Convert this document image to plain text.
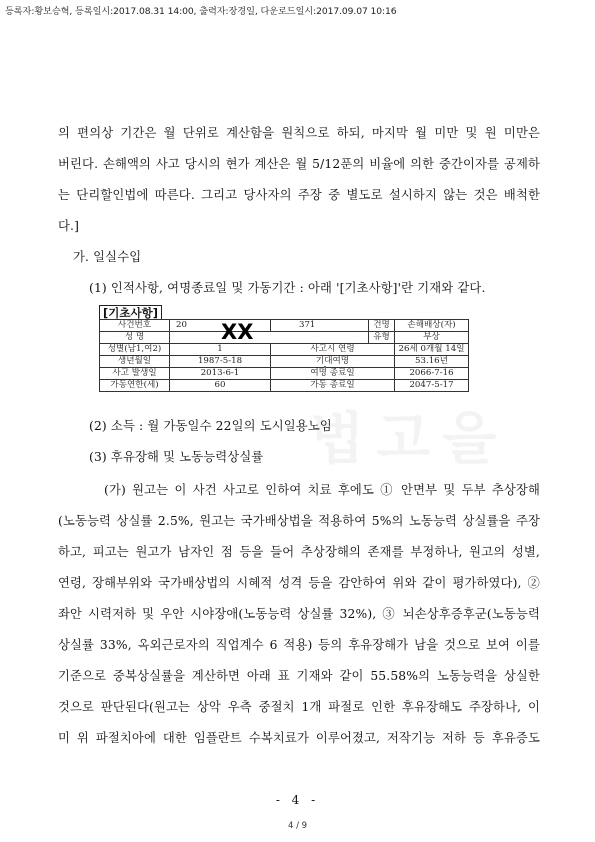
등록자:황보승혁, 등록일시:2017.08.31 14:00, 출력자:장경일, 다운로드일시:2017.09.07 10:16
법고을
의 편의상 기간은 월 단위로 계산함을 원칙으로 하되, 마지막 월 미만 및 원 미만은
버린다. 손해액의 사고 당시의 현가 계산은 월 5/12푼의 비율에 의한 중간이자를 공제하
는 단리할인법에 따른다. 그리고 당사자의 주장 중 별도로 설시하지 않는 것은 배척한
다.]
가. 일실수입
(1) 인적사항, 여명종료일 및 가동기간 : 아래 '[기초사항]'란 기재와 같다.
[기초사항]
사건번호	20	371	건명	손해배상(자)
성 명			유형	부상
성별(남1,여2)	1	사고시 연령		26세 0개월 14일
생년월일	1987-5-18	기대여명		53.16년
사고 발생일	2013-6-1	여명 종료일		2066-7-16
가동연한(세)	60	가동 종료일		2047-5-17
XX
(2) 소득 : 월 가동일수 22일의 도시일용노임
(3) 후유장해 및 노동능력상실률
(가) 원고는 이 사건 사고로 인하여 치료 후에도 ① 안면부 및 두부 추상장해
(노동능력 상실률 2.5%, 원고는 국가배상법을 적용하여 5%의 노동능력 상실률을 주장
하고, 피고는 원고가 남자인 점 등을 들어 추상장해의 존재를 부정하나, 원고의 성별,
연령, 장해부위와 국가배상법의 시혜적 성격 등을 감안하여 위와 같이 평가하였다), ②
좌안 시력저하 및 우안 시야장애(노동능력 상실률 32%), ③ 뇌손상후증후군(노동능력
상실률 33%, 옥외근로자의 직업계수 6 적용) 등의 후유장해가 남을 것으로 보여 이를
기준으로 중복상실률을 계산하면 아래 표 기재와 같이 55.58%의 노동능력을 상실한
것으로 판단된다(원고는 상악 우측 중절치 1개 파절로 인한 후유장해도 주장하나, 이
미 위 파절치아에 대한 임플란트 수복치료가 이루어졌고, 저작기능 저하 등 후유증도
- 4 -
4 / 9
